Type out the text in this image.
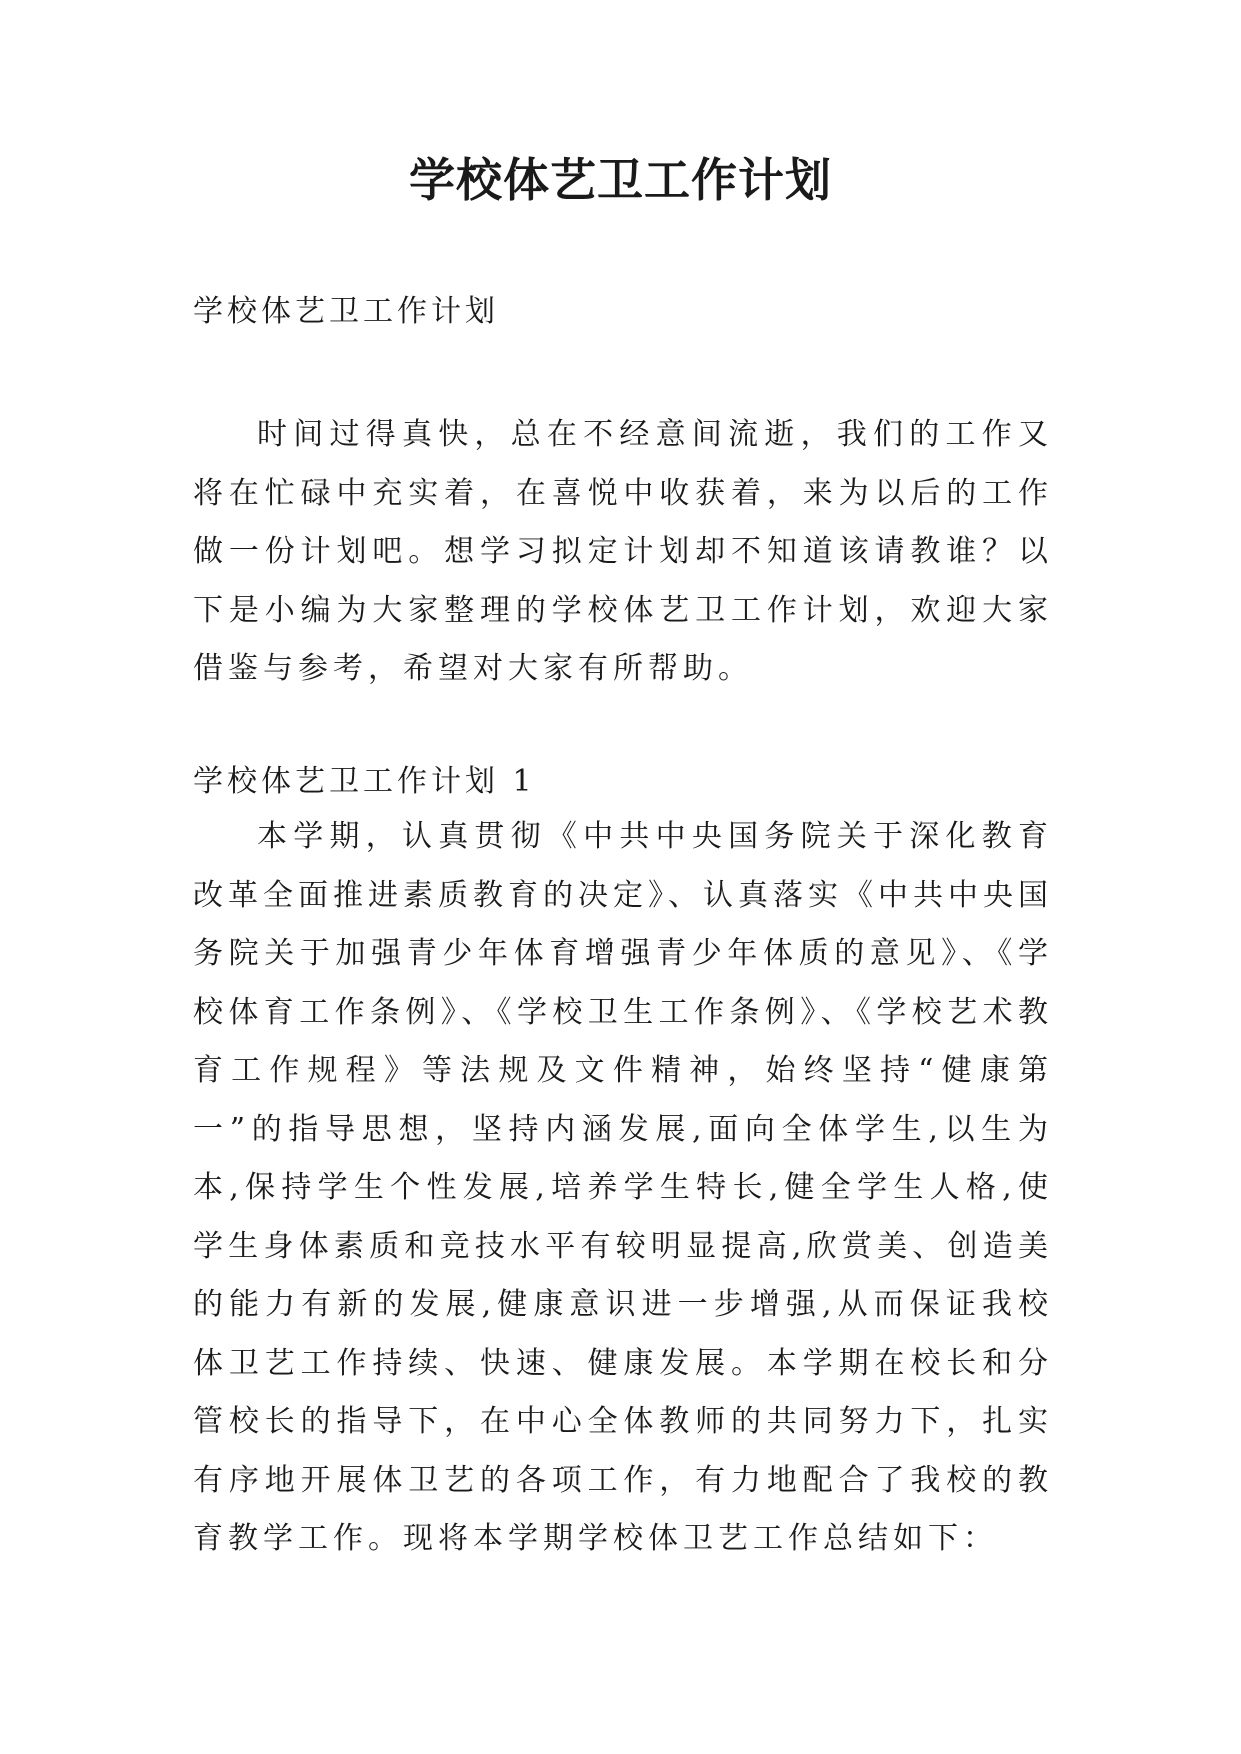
学校体艺卫工作计划

学校体艺卫工作计划

时间过得真快，总在不经意间流逝，我们的工作又将在忙碌中充实着，在喜悦中收获着，来为以后的工作做一份计划吧。想学习拟定计划却不知道该请教谁？以下是小编为大家整理的学校体艺卫工作计划，欢迎大家借鉴与参考，希望对大家有所帮助。

学校体艺卫工作计划 1

本学期，认真贯彻《中共中央国务院关于深化教育改革全面推进素质教育的决定》、认真落实《中共中央国务院关于加强青少年体育增强青少年体质的意见》、《学校体育工作条例》、《学校卫生工作条例》、《学校艺术教育工作规程》等法规及文件精神，始终坚持“健康第一”的指导思想，坚持内涵发展,面向全体学生,以生为本,保持学生个性发展,培养学生特长,健全学生人格,使学生身体素质和竞技水平有较明显提高,欣赏美、创造美的能力有新的发展,健康意识进一步增强,从而保证我校体卫艺工作持续、快速、健康发展。本学期在校长和分管校长的指导下，在中心全体教师的共同努力下，扎实有序地开展体卫艺的各项工作，有力地配合了我校的教育教学工作。现将本学期学校体卫艺工作总结如下：
